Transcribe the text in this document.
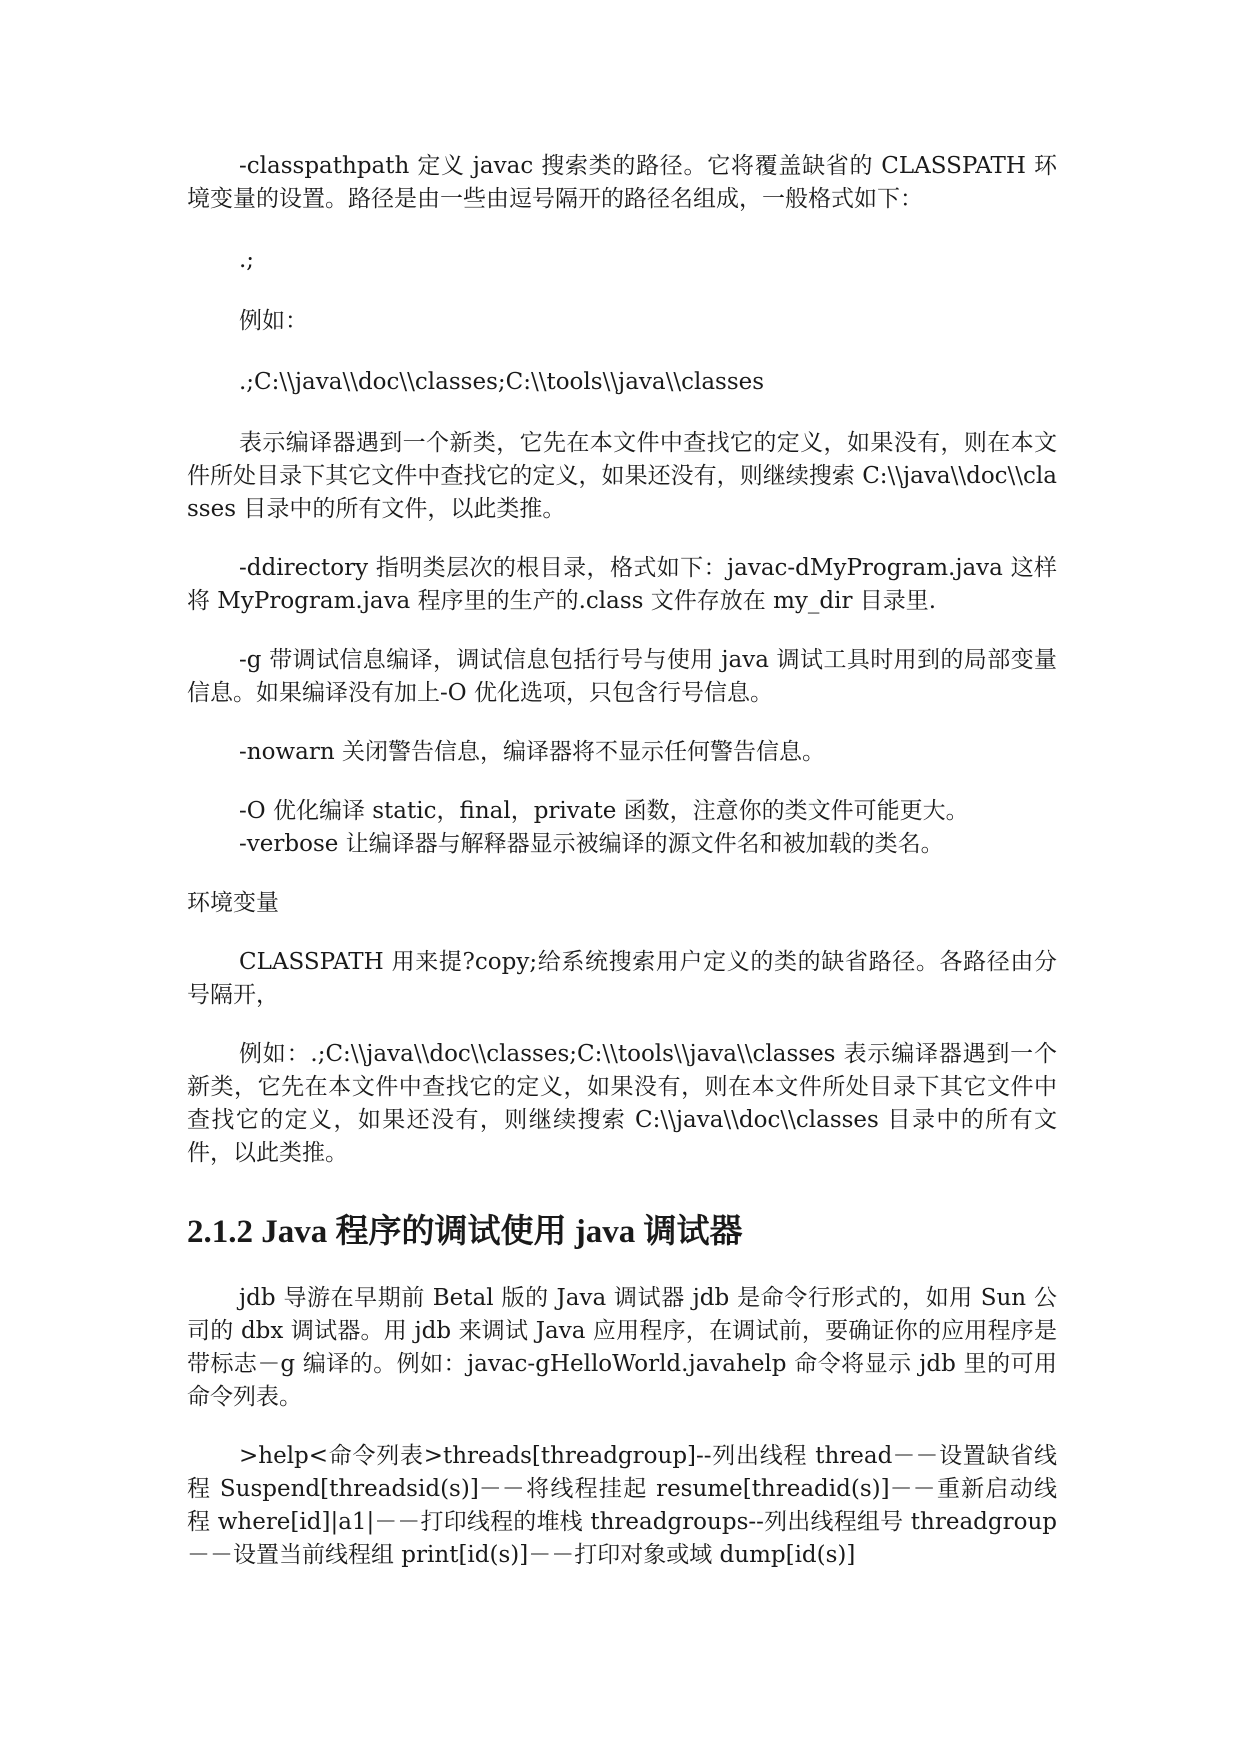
-classpathpath 定义 javac 搜索类的路径。它将覆盖缺省的 CLASSPATH 环境变量的设置。路径是由一些由逗号隔开的路径名组成，一般格式如下：

.;

例如：

.;C:\\java\\doc\\classes;C:\\tools\\java\\classes

表示编译器遇到一个新类，它先在本文件中查找它的定义，如果没有，则在本文件所处目录下其它文件中查找它的定义，如果还没有，则继续搜索 C:\\java\\doc\\classes 目录中的所有文件，以此类推。

-ddirectory 指明类层次的根目录，格式如下：javac-dMyProgram.java 这样将 MyProgram.java 程序里的生产的.class 文件存放在 my_dir 目录里.

-g 带调试信息编译，调试信息包括行号与使用 java 调试工具时用到的局部变量信息。如果编译没有加上-O 优化选项，只包含行号信息。

-nowarn 关闭警告信息，编译器将不显示任何警告信息。

-O 优化编译 static，final，private 函数，注意你的类文件可能更大。

-verbose 让编译器与解释器显示被编译的源文件名和被加载的类名。

环境变量

CLASSPATH 用来提?copy;给系统搜索用户定义的类的缺省路径。各路径由分号隔开，

例如：.;C:\\java\\doc\\classes;C:\\tools\\java\\classes 表示编译器遇到一个新类，它先在本文件中查找它的定义，如果没有，则在本文件所处目录下其它文件中查找它的定义，如果还没有，则继续搜索 C:\\java\\doc\\classes 目录中的所有文件，以此类推。

2.1.2 Java 程序的调试使用 java 调试器

jdb 导游在早期前 Betal 版的 Java 调试器 jdb 是命令行形式的，如用 Sun 公司的 dbx 调试器。用 jdb 来调试 Java 应用程序，在调试前，要确证你的应用程序是带标志－g 编译的。例如：javac-gHelloWorld.javahelp 命令将显示 jdb 里的可用命令列表。

>help<命令列表>threads[threadgroup]--列出线程 thread－－设置缺省线程 Suspend[threadsid(s)]－－将线程挂起 resume[threadid(s)]－－重新启动线程 where[id]|a1|－－打印线程的堆栈 threadgroups--列出线程组号 threadgroup－－设置当前线程组 print[id(s)]－－打印对象或域 dump[id(s)]
